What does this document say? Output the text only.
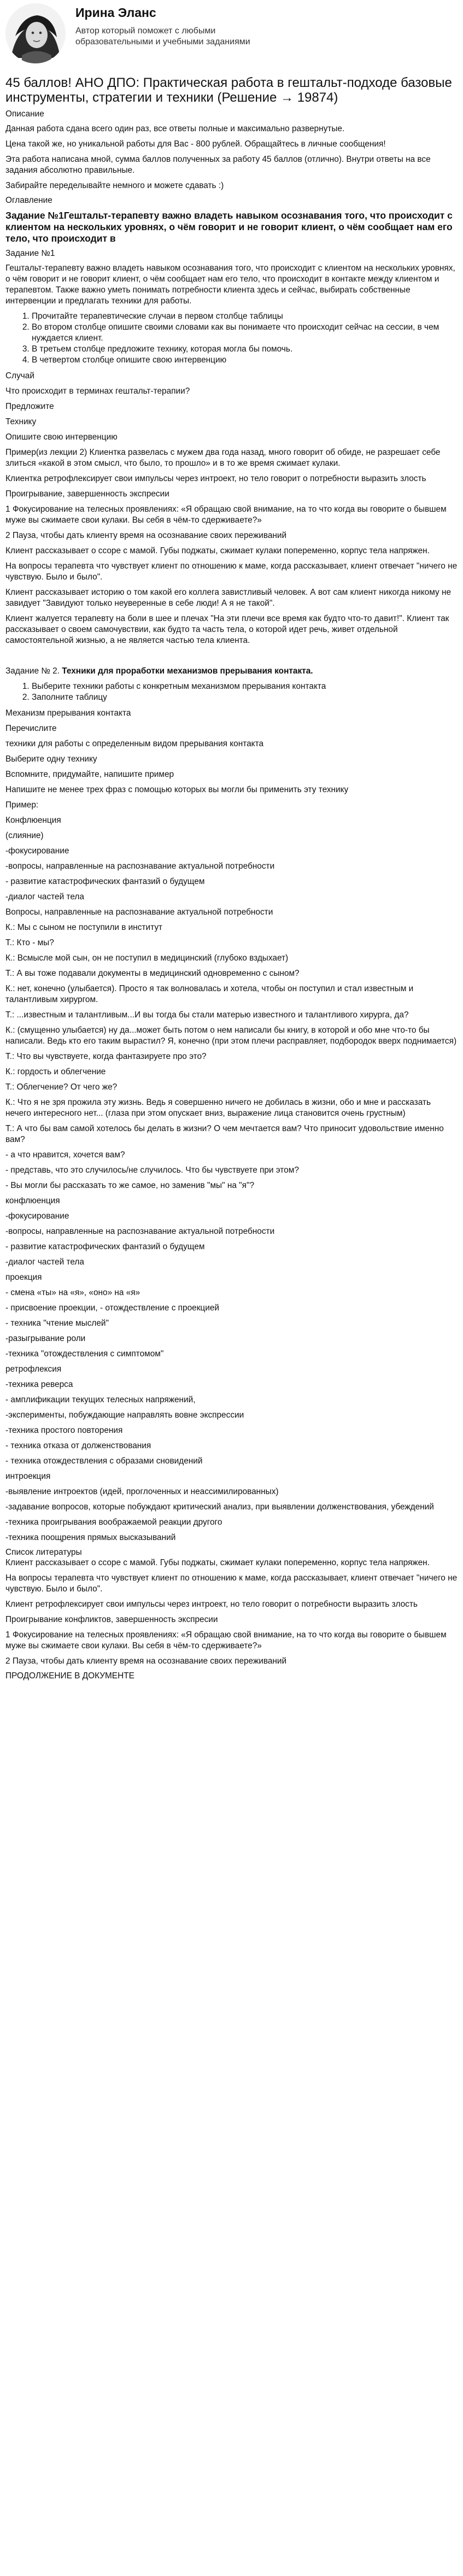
Ирина Эланс
Автор который поможет с любыми образовательными и учебными заданиями
45 баллов! АНО ДПО: Практическая работа в гештальт-подходе базовые инструменты, стратегии и техники (Решение → 19874)
Описание

Данная работа сдана всего один раз, все ответы полные и максимально развернутые.

Цена такой же, но уникальной работы для Вас - 800 рублей. Обращайтесь в личные сообщения!

Эта работа написана мной, сумма баллов полученных за работу 45 баллов (отлично). Внутри ответы на все задания абсолютно правильные.

Забирайте переделывайте немного и можете сдавать :)

Оглавление
Задание №1Гештальт-терапевту важно владеть навыком осознавания того, что происходит с клиентом на нескольких уровнях, о чём говорит и не говорит клиент, о чём сообщает нам его тело, что происходит в
Задание №1

Гештальт-терапевту важно владеть навыком осознавания того, что происходит с клиентом на нескольких уровнях, о чём говорит и не говорит клиент, о чём сообщает нам его тело, что происходит в контакте между клиентом и терапевтом. Также важно уметь понимать потребности клиента здесь и сейчас, выбирать собственные интервенции и предлагать техники для работы.

1. Прочитайте терапевтические случаи в первом столбце таблицы
2. Во втором столбце опишите своими словами как вы понимаете что происходит сейчас на сессии, в чем нуждается клиент.
3. В третьем столбце предложите технику, которая могла бы помочь.
4. В четвертом столбце опишите свою интервенцию

Случай

Что происходит в терминах гештальт-терапии?

Предложите

Технику

Опишите свою интервенцию

Пример(из лекции 2) Клиентка развелась с мужем два года назад, много говорит об обиде, не разрешает себе злиться «какой в этом смысл, что было, то прошло» и в то же время сжимает кулаки.

Клиентка ретрофлексирует свои импульсы через интроект, но тело говорит о потребности выразить злость

Проигрывание, завершенность экспресии

1 Фокусирование на телесных проявлениях: «Я обращаю свой внимание, на то что когда вы говорите о бывшем муже вы сжимаете свои кулаки. Вы себя в чём-то сдерживаете?»

2 Пауза, чтобы дать клиенту время на осознавание своих переживаний

Клиент рассказывает о ссоре с мамой. Губы поджаты, сжимает кулаки попеременно, корпус тела напряжен.

На вопросы терапевта что чувствует клиент по отношению к маме, когда рассказывает, клиент отвечает "ничего не чувствую. Было и было".

Клиент рассказывает историю о том какой его коллега завистливый человек. А вот сам клиент никогда никому не завидует "Завидуют только неуверенные в себе люди! А я не такой".

Клиент жалуется терапевту на боли в шее и плечах "На эти плечи все время как будто что-то давит!". Клиент так рассказывает о своем самочувствии, как будто та часть тела, о которой идет речь, живет отдельной самостоятельной жизнью, а не является частью тела клиента.

Задание № 2. Техники для проработки механизмов прерывания контакта.

1. Выберите техники работы с конкретным механизмом прерывания контакта
2. Заполните таблицу

Механизм прерывания контакта

Перечислите

техники для работы с определенным видом прерывания контакта

Выберите одну технику

Вспомните, придумайте, напишите пример

Напишите не менее трех фраз с помощью которых вы могли бы применить эту технику

Пример:

Конфлюенция

(слияние)

-фокусирование

-вопросы, направленные на распознавание актуальной потребности

- развитие катастрофических фантазий о будущем

-диалог частей тела

Вопросы, направленные на распознавание актуальной потребности

К.: Мы с сыном не поступили в институт

Т.: Кто - мы?

К.: Всмысле мой сын, он не поступил в медицинский (глубоко вздыхает)

Т.: А вы тоже подавали документы в медицинский одновременно с сыном?

К.: нет, конечно (улыбается). Просто я так волновалась и хотела, чтобы он поступил и стал известным и талантливым хирургом.

Т.: ...известным и талантливым...И вы тогда бы стали матерью известного и талантливого хирурга, да?

К.: (смущенно улыбается) ну да...может быть потом о нем написали бы книгу, в которой и обо мне что-то бы написали. Ведь кто его таким вырастил? Я, конечно (при этом плечи расправляет, подбородок вверх поднимается)

Т.: Что вы чувствуете, когда фантазируете про это?

К.: гордость и облегчение

Т.: Облегчение? От чего же?

К.: Что я не зря прожила эту жизнь. Ведь я совершенно ничего не добилась в жизни, обо и мне и рассказать нечего интересного нет... (глаза при этом опускает вниз, выражение лица становится очень грустным)

Т.: А что бы вам самой хотелось бы делать в жизни? О чем мечтается вам? Что приносит удовольствие именно вам?

- а что нравится, хочется вам?

- представь, что это случилось/не случилось. Что бы чувствуете при этом?

- Вы могли бы рассказать то же самое, но заменив "мы" на "я"?

конфлюенция

-фокусирование

-вопросы, направленные на распознавание актуальной потребности

- развитие катастрофических фантазий о будущем

-диалог частей тела

проекция

- смена «ты» на «я», «оно» на «я»

- присвоение проекции, - отождествление с проекцией

- техника "чтение мыслей"

-разыгрывание роли

-техника "отождествления с симптомом"

ретрофлексия

-техника реверса

- амплификации текущих телесных напряжений,

-эксперименты, побуждающие направлять вовне экспрессии

-техника простого повторения

- техника отказа от долженствования

- техника отождествления с образами сновидений

интроекция

-выявление интроектов (идей, проглоченных и неассимилированных)

-задавание вопросов, которые побуждают критический анализ, при выявлении долженствования, убеждений

-техника проигрывания воображаемой реакции другого

-техника поощрения прямых высказываний

Список литературы

Клиент рассказывает о ссоре с мамой. Губы поджаты, сжимает кулаки попеременно, корпус тела напряжен.

На вопросы терапевта что чувствует клиент по отношению к маме, когда рассказывает, клиент отвечает "ничего не чувствую. Было и было".

Клиент ретрофлексирует свои импульсы через интроект, но тело говорит о потребности выразить злость

Проигрывание конфликтов, завершенность экспресии

1 Фокусирование на телесных проявлениях: «Я обращаю свой внимание, на то что когда вы говорите о бывшем муже вы сжимаете свои кулаки. Вы себя в чём-то сдерживаете?»

2 Пауза, чтобы дать клиенту время на осознавание своих переживаний

ПРОДОЛЖЕНИЕ В ДОКУМЕНТЕ
